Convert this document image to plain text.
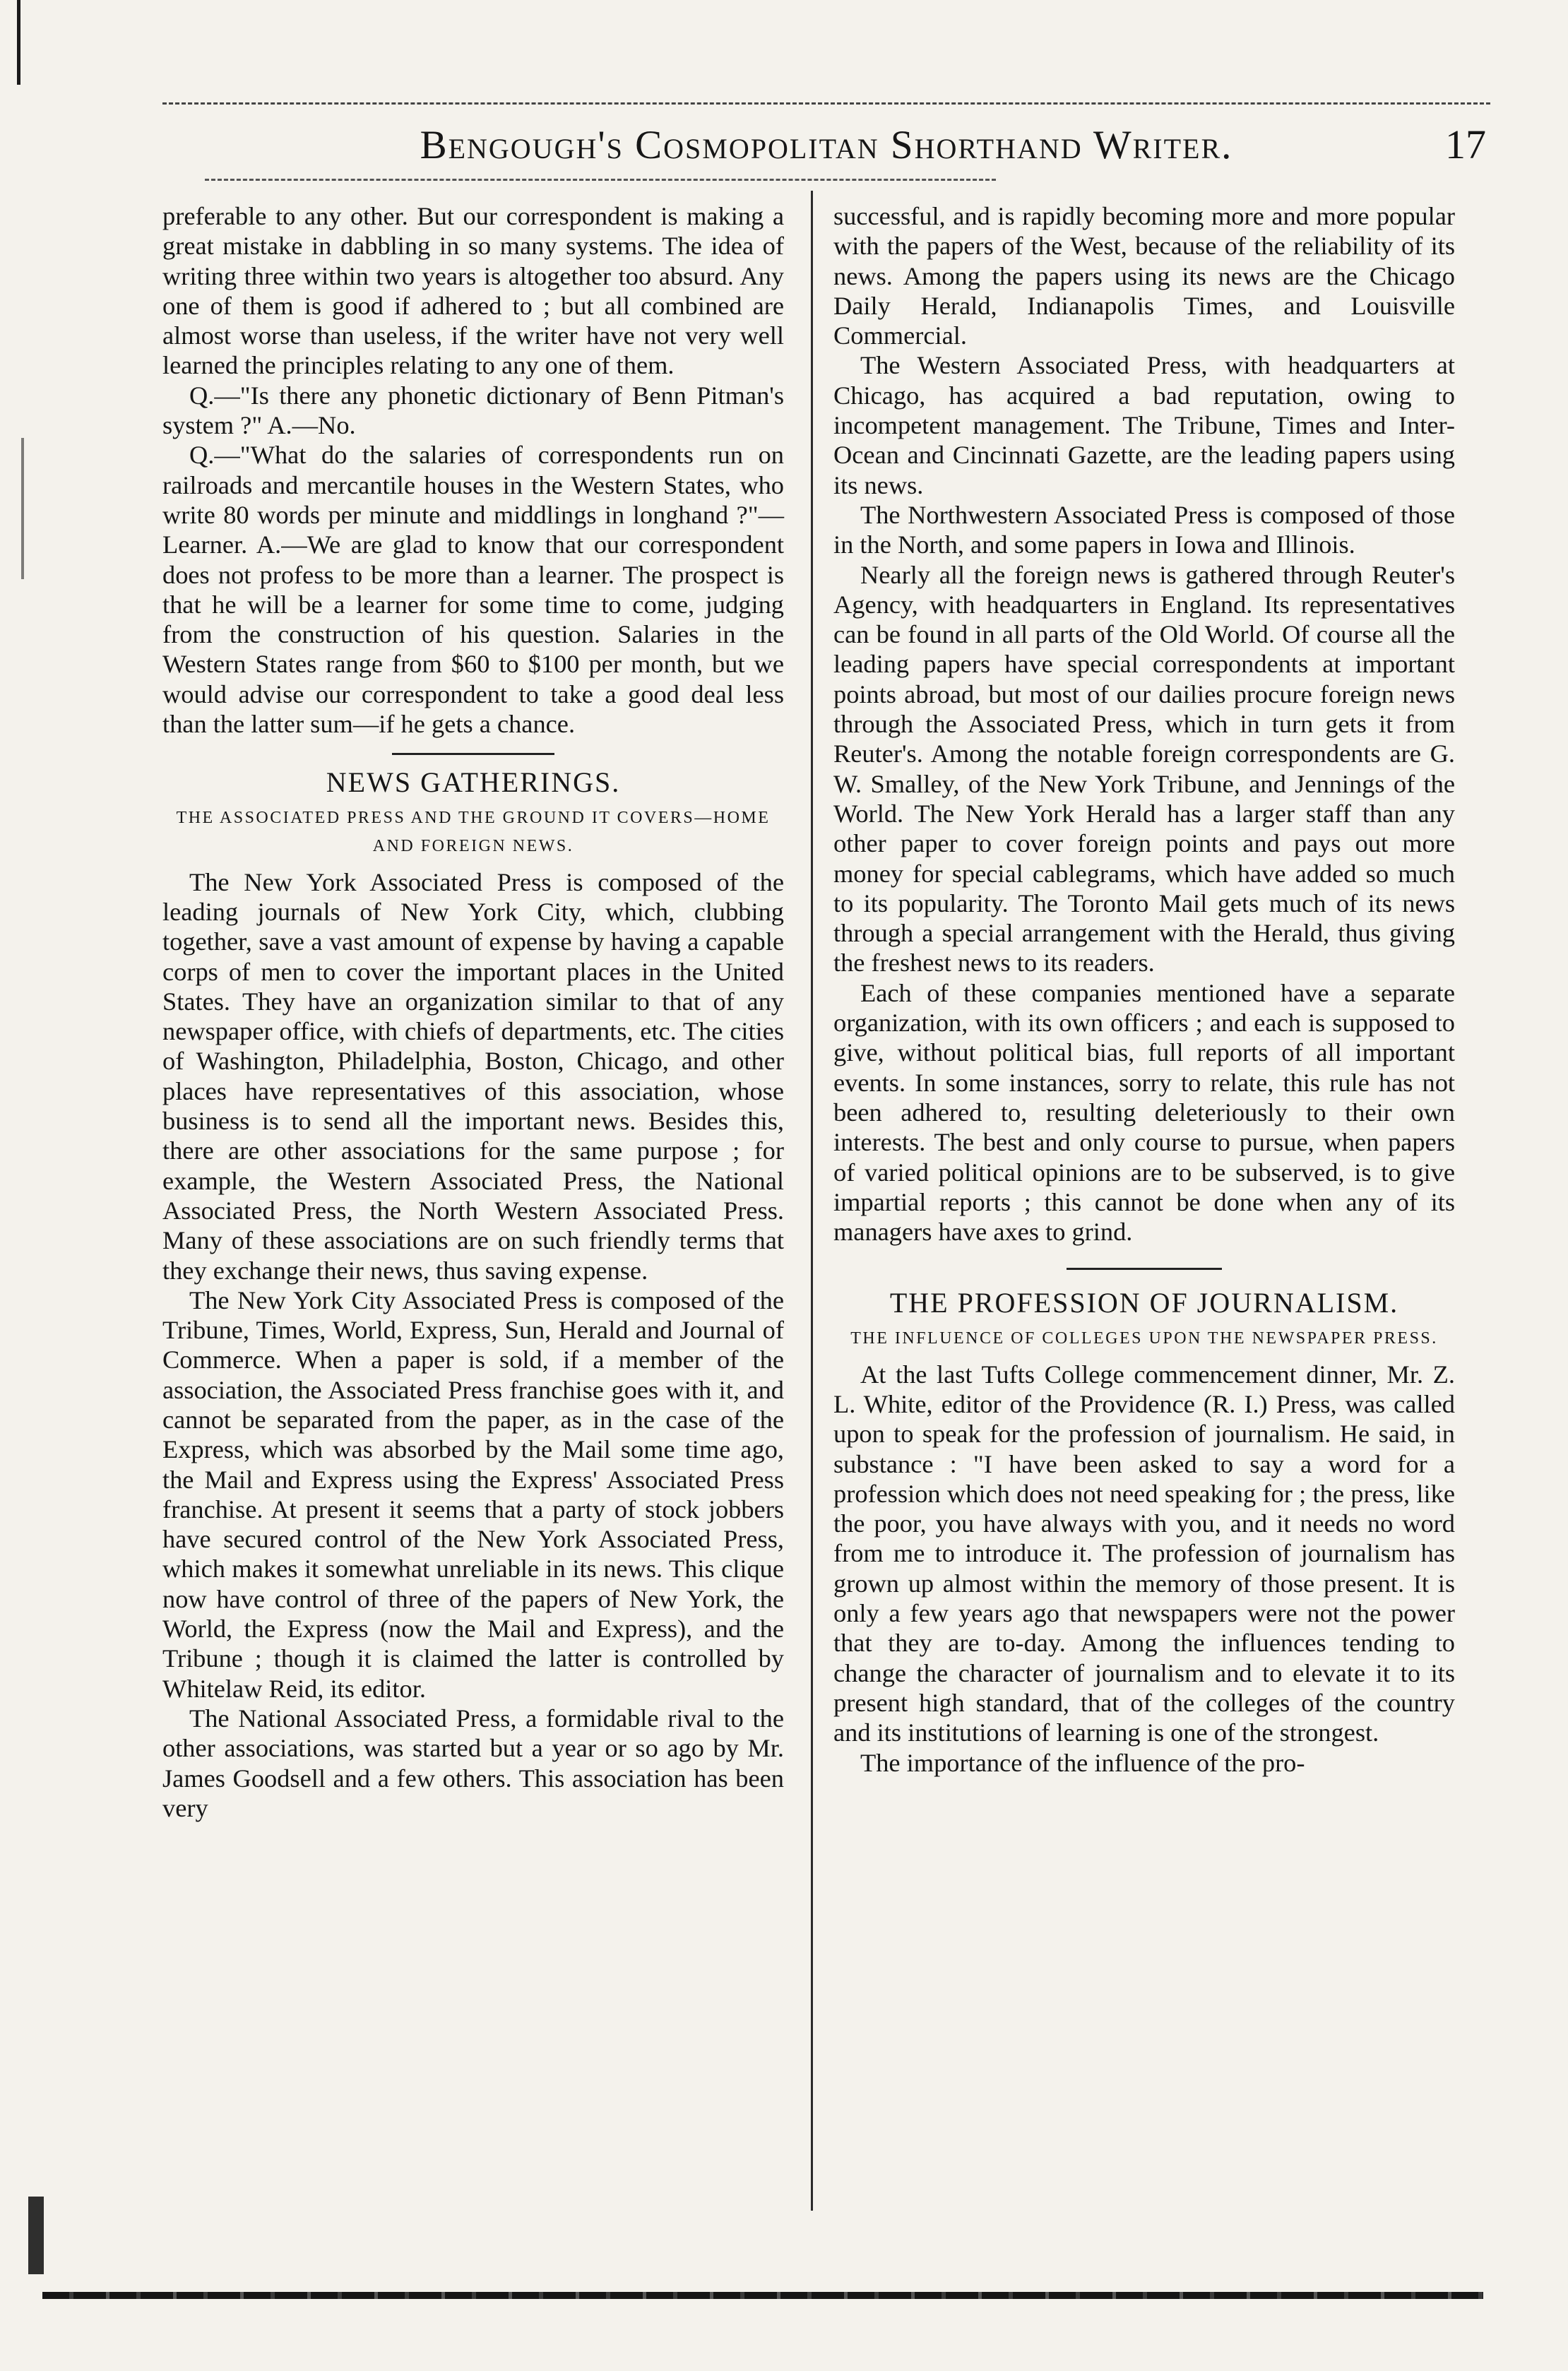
Bengough's Cosmopolitan Shorthand Writer.	17

preferable to any other. But our correspondent is making a great mistake in dabbling in so many systems. The idea of writing three within two years is altogether too absurd. Any one of them is good if adhered to ; but all combined are almost worse than useless, if the writer have not very well learned the principles relating to any one of them.

Q.—"Is there any phonetic dictionary of Benn Pitman's system ?" A.—No.

Q.—"What do the salaries of correspondents run on railroads and mercantile houses in the Western States, who write 80 words per minute and middlings in longhand ?"—Learner. A.—We are glad to know that our correspondent does not profess to be more than a learner. The prospect is that he will be a learner for some time to come, judging from the construction of his question. Salaries in the Western States range from $60 to $100 per month, but we would advise our correspondent to take a good deal less than the latter sum—if he gets a chance.

NEWS GATHERINGS.
THE ASSOCIATED PRESS AND THE GROUND IT COVERS—HOME AND FOREIGN NEWS.

The New York Associated Press is composed of the leading journals of New York City, which, clubbing together, save a vast amount of expense by having a capable corps of men to cover the important places in the United States. They have an organization similar to that of any newspaper office, with chiefs of departments, etc. The cities of Washington, Philadelphia, Boston, Chicago, and other places have representatives of this association, whose business is to send all the important news. Besides this, there are other associations for the same purpose ; for example, the Western Associated Press, the National Associated Press, the North Western Associated Press. Many of these associations are on such friendly terms that they exchange their news, thus saving expense.

The New York City Associated Press is composed of the Tribune, Times, World, Express, Sun, Herald and Journal of Commerce. When a paper is sold, if a member of the association, the Associated Press franchise goes with it, and cannot be separated from the paper, as in the case of the Express, which was absorbed by the Mail some time ago, the Mail and Express using the Express' Associated Press franchise. At present it seems that a party of stock jobbers have secured control of the New York Associated Press, which makes it somewhat unreliable in its news. This clique now have control of three of the papers of New York, the World, the Express (now the Mail and Express), and the Tribune ; though it is claimed the latter is controlled by Whitelaw Reid, its editor.

The National Associated Press, a formidable rival to the other associations, was started but a year or so ago by Mr. James Goodsell and a few others. This association has been very

successful, and is rapidly becoming more and more popular with the papers of the West, because of the reliability of its news. Among the papers using its news are the Chicago Daily Herald, Indianapolis Times, and Louisville Commercial.

The Western Associated Press, with headquarters at Chicago, has acquired a bad reputation, owing to incompetent management. The Tribune, Times and Inter-Ocean and Cincinnati Gazette, are the leading papers using its news.

The Northwestern Associated Press is composed of those in the North, and some papers in Iowa and Illinois.

Nearly all the foreign news is gathered through Reuter's Agency, with headquarters in England. Its representatives can be found in all parts of the Old World. Of course all the leading papers have special correspondents at important points abroad, but most of our dailies procure foreign news through the Associated Press, which in turn gets it from Reuter's. Among the notable foreign correspondents are G. W. Smalley, of the New York Tribune, and Jennings of the World. The New York Herald has a larger staff than any other paper to cover foreign points and pays out more money for special cablegrams, which have added so much to its popularity. The Toronto Mail gets much of its news through a special arrangement with the Herald, thus giving the freshest news to its readers.

Each of these companies mentioned have a separate organization, with its own officers ; and each is supposed to give, without political bias, full reports of all important events. In some instances, sorry to relate, this rule has not been adhered to, resulting deleteriously to their own interests. The best and only course to pursue, when papers of varied political opinions are to be subserved, is to give impartial reports ; this cannot be done when any of its managers have axes to grind.

THE PROFESSION OF JOURNALISM.
THE INFLUENCE OF COLLEGES UPON THE NEWSPAPER PRESS.

At the last Tufts College commencement dinner, Mr. Z. L. White, editor of the Providence (R. I.) Press, was called upon to speak for the profession of journalism. He said, in substance : "I have been asked to say a word for a profession which does not need speaking for ; the press, like the poor, you have always with you, and it needs no word from me to introduce it. The profession of journalism has grown up almost within the memory of those present. It is only a few years ago that newspapers were not the power that they are to-day. Among the influences tending to change the character of journalism and to elevate it to its present high standard, that of the colleges of the country and its institutions of learning is one of the strongest.

The importance of the influence of the pro-
